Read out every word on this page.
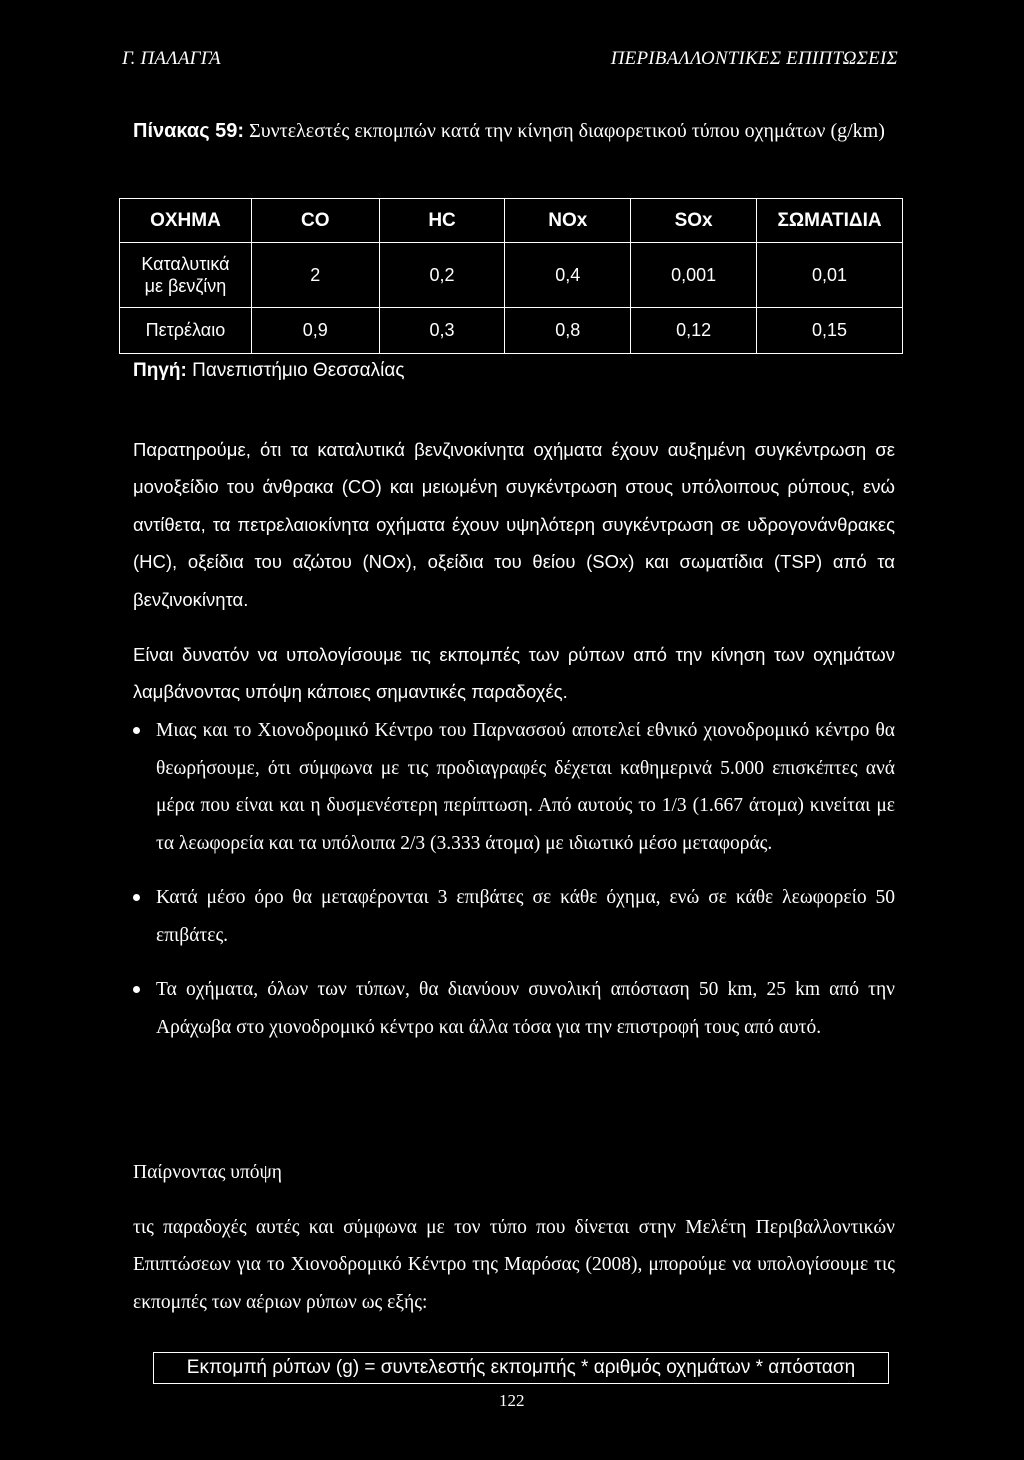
Γ. ΠΑΛΑΓΓΑ	ΠΕΡΙΒΑΛΛΟΝΤΙΚΕΣ ΕΠΙΠΤΩΣΕΙΣ
Πίνακας 59: Συντελεστές εκπομπών κατά την κίνηση διαφορετικού τύπου οχημάτων (g/km)
ΟΧΗΜΑ	CO	HC	NOx	SOx	ΣΩΜΑΤΙΔΙΑ

Καταλυτικά
με βενζίνη	2	0,2	0,4	0,001	0,01
Πετρέλαιο	0,9	0,3	0,8	0,12	0,15
Πηγή: Πανεπιστήμιο Θεσσαλίας

Παρατηρούμε, ότι τα καταλυτικά βενζινοκίνητα οχήματα έχουν αυξημένη συγκέντρωση σε μονοξείδιο του άνθρακα (CO) και μειωμένη συγκέντρωση στους υπόλοιπους ρύπους, ενώ αντίθετα, τα πετρελαιοκίνητα οχήματα έχουν υψηλότερη συγκέντρωση σε υδρογονάνθρακες (HC), οξείδια του αζώτου (NOx), οξείδια του θείου (SOx) και σωματίδια (TSP) από τα βενζινοκίνητα.

Είναι δυνατόν να υπολογίσουμε τις εκπομπές των ρύπων από την κίνηση των οχημάτων λαμβάνοντας υπόψη κάποιες σημαντικές παραδοχές.

Μιας και το Χιονοδρομικό Κέντρο του Παρνασσού αποτελεί εθνικό χιονοδρομικό κέντρο θα θεωρήσουμε, ότι σύμφωνα με τις προδιαγραφές δέχεται καθημερινά 5.000 επισκέπτες ανά μέρα που είναι και η δυσμενέστερη περίπτωση. Από αυτούς το 1/3 (1.667 άτομα) κινείται με τα λεωφορεία και τα υπόλοιπα 2/3 (3.333 άτομα) με ιδιωτικό μέσο μεταφοράς.
Κατά μέσο όρο θα μεταφέρονται 3 επιβάτες σε κάθε όχημα, ενώ σε κάθε λεωφορείο 50 επιβάτες.
Τα οχήματα, όλων των τύπων, θα διανύουν συνολική απόσταση 50 km, 25 km από την Αράχωβα στο χιονοδρομικό κέντρο και άλλα τόσα για την επιστροφή τους από αυτό.

Παίρνοντας υπόψη

τις παραδοχές αυτές και σύμφωνα με τον τύπο που δίνεται στην Μελέτη Περιβαλλοντικών Επιπτώσεων για το Χιονοδρομικό Κέντρο της Μαρόσας (2008), μπορούμε να υπολογίσουμε τις εκπομπές των αέριων ρύπων ως εξής:

Εκπομπή ρύπων (g) = συντελεστής εκπομπής * αριθμός οχημάτων * απόσταση
122
